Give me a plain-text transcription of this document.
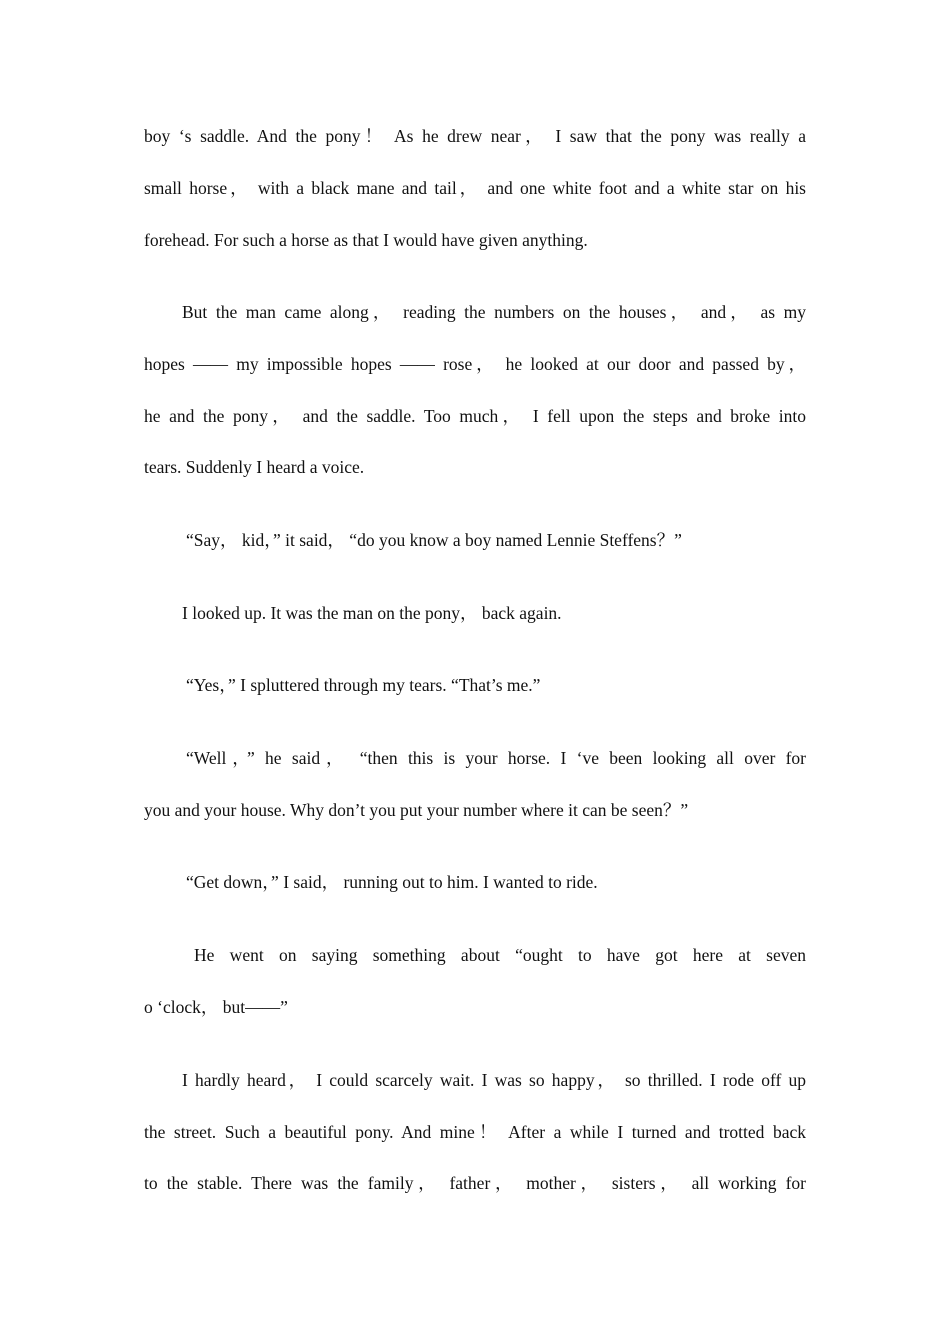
boy ‘s saddle. And the pony！ As he drew near， I saw that the pony was really a
small horse， with a black mane and tail， and one white foot and a white star on his
forehead. For such a horse as that I would have given anything.
But the man came along， reading the numbers on the houses， and， as my
hopes —— my impossible hopes —— rose， he looked at our door and passed by，
he and the pony， and the saddle. Too much， I fell upon the steps and broke into
tears. Suddenly I heard a voice.
“Say， kid，” it said， “do you know a boy named Lennie Steffens？”
I looked up. It was the man on the pony， back again.
“Yes，” I spluttered through my tears. “That’s me.”
“Well，” he said， “then this is your horse. I ‘ve been looking all over for
you and your house. Why don’t you put your number where it can be seen？”
“Get down，” I said， running out to him. I wanted to ride.
He went on saying something about “ought to have got here at seven
o ‘clock， but——”
I hardly heard， I could scarcely wait. I was so happy， so thrilled. I rode off up
the street. Such a beautiful pony. And mine！ After a while I turned and trotted back
to the stable. There was the family， father， mother， sisters， all working for
